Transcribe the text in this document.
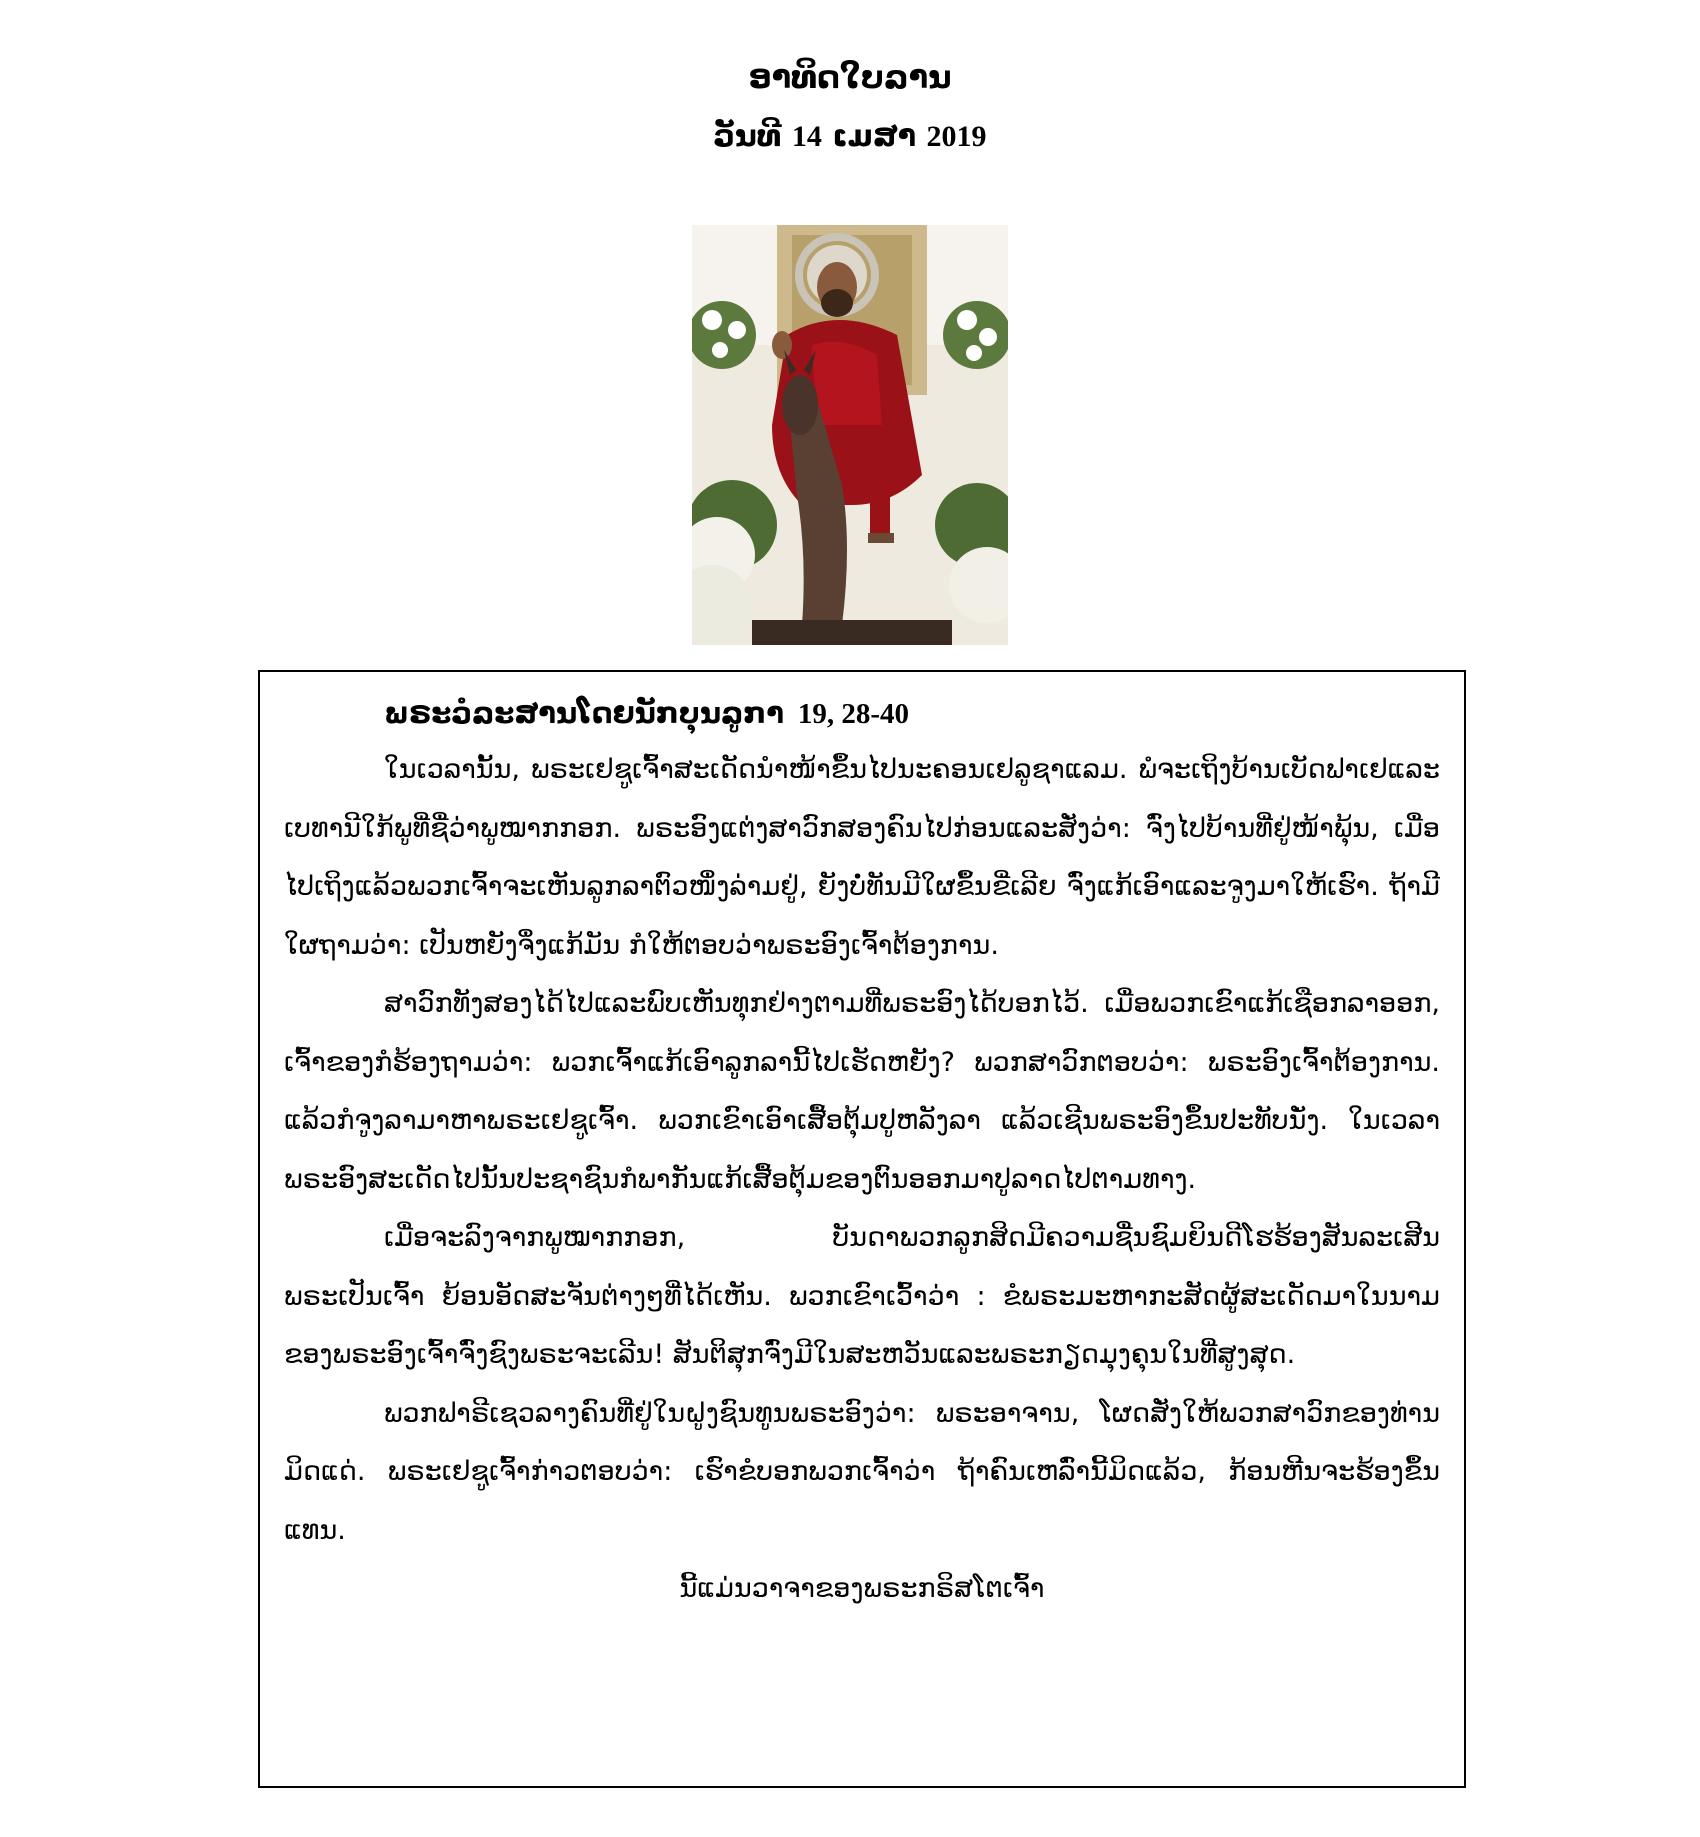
ອາທິດໃບລານ
ວັນທີ 14 ເມສາ 2019
ພຣະວໍລະສານໂດຍນັກບຸນລູກາ 19, 28-40

ໃນເວລານັ້ນ, ພຣະເຢຊູເຈົ້າສະເດັດນຳໜ້າຂຶ້ນໄປນະຄອນເຢລູຊາແລມ. ພໍຈະເຖິງບ້ານເບັດຟາເຢແລະເບທານີໃກ້ພູທີ່ຊື່ວ່າພູໝາກກອກ. ພຣະອົງແຕ່ງສາວົກສອງຄົນໄປກ່ອນແລະສັ່ງວ່າ: ຈົ່ງໄປບ້ານທີ່ຢູ່ໜ້າພຸ້ນ, ເມື່ອໄປເຖິງແລ້ວພວກເຈົ້າຈະເຫັນລູກລາຕົວໜຶ່ງລ່າມຢູ່, ຍັງບໍ່ທັນມີໃຜຂຶ້ນຂີ່ເລີຍ ຈົ່ງແກ້ເອົາແລະຈູງມາໃຫ້ເຮົາ. ຖ້າມີໃຜຖາມວ່າ: ເປັນຫຍັງຈຶ່ງແກ້ມັນ ກໍໃຫ້ຕອບວ່າພຣະອົງເຈົ້າຕ້ອງການ.

ສາວົກທັງສອງໄດ້ໄປແລະພົບເຫັນທຸກຢ່າງຕາມທີ່ພຣະອົງໄດ້ບອກໄວ້. ເມື່ອພວກເຂົາແກ້ເຊືອກລາອອກ, ເຈົ້າຂອງກໍຮ້ອງຖາມວ່າ: ພວກເຈົ້າແກ້ເອົາລູກລານີ້ໄປເຮັດຫຍັງ? ພວກສາວົກຕອບວ່າ: ພຣະອົງເຈົ້າຕ້ອງການ. ແລ້ວກໍຈູງລາມາຫາພຣະເຢຊູເຈົ້າ. ພວກເຂົາເອົາເສື້ອຕຸ້ມປູຫລັງລາ ແລ້ວເຊີນພຣະອົງຂຶ້ນປະທັບນັ່ງ. ໃນເວລາພຣະອົງສະເດັດໄປນັ້ນປະຊາຊົນກໍພາກັນແກ້ເສື້ອຕຸ້ມຂອງຕົນອອກມາປູລາດໄປຕາມທາງ.

ເມື່ອຈະລົງຈາກພູໝາກກອກ, ບັນດາພວກລູກສິດມີຄວາມຊື່ນຊົມຍິນດີໂຮຮ້ອງສັນລະເສີນພຣະເປັນເຈົ້າ ຍ້ອນອັດສະຈັນຕ່າງໆທີ່ໄດ້ເຫັນ. ພວກເຂົາເວົ້າວ່າ : ຂໍພຣະມະຫາກະສັດຜູ້ສະເດັດມາໃນນາມຂອງພຣະອົງເຈົ້າຈົ່ງຊົງພຣະຈະເລີນ! ສັນຕິສຸກຈົ່ງມີໃນສະຫວັນແລະພຣະກຽດມຸງຄຸນໃນທີ່ສູງສຸດ.

ພວກຟາຣີເຊວລາງຄົນທີ່ຢູ່ໃນຝູງຊົນທູນພຣະອົງວ່າ: ພຣະອາຈານ, ໂຜດສັ່ງໃຫ້ພວກສາວົກຂອງທ່ານມິດແດ່. ພຣະເຢຊູເຈົ້າກ່າວຕອບວ່າ: ເຮົາຂໍບອກພວກເຈົ້າວ່າ ຖ້າຄົນເຫລົ່ານີ້ມິດແລ້ວ, ກ້ອນຫີນຈະຮ້ອງຂຶ້ນແທນ.

ນີ້ແມ່ນວາຈາຂອງພຣະກຣິສໂຕເຈົ້າ
